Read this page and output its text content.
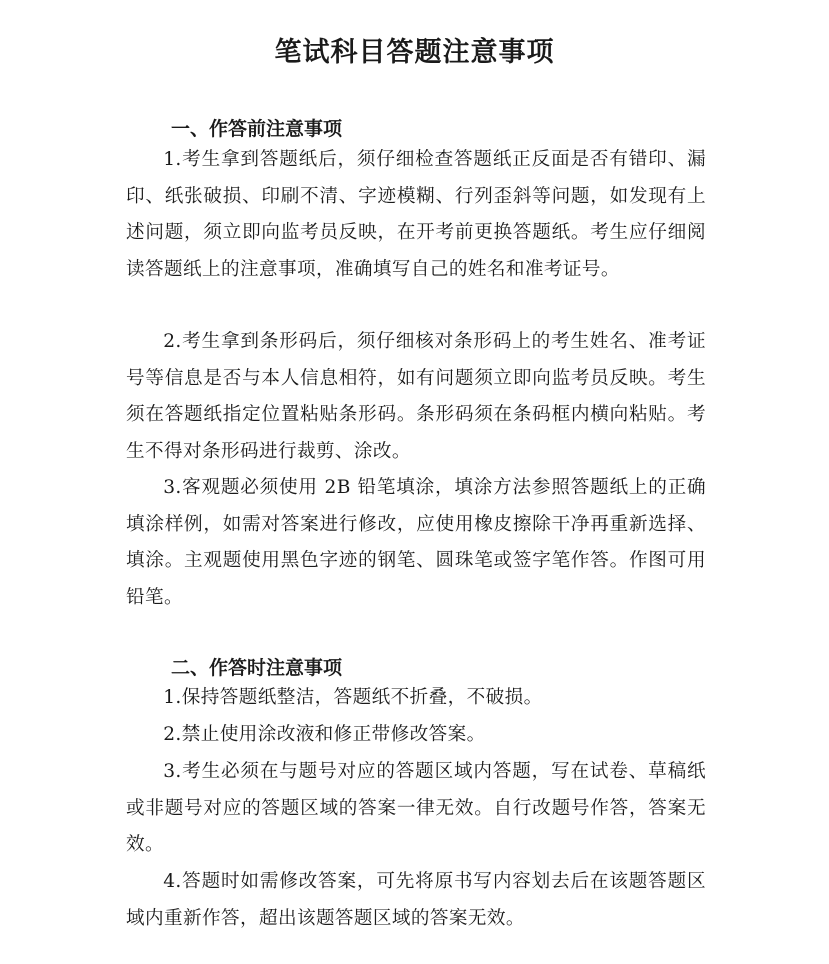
笔试科目答题注意事项
一、作答前注意事项
1.考生拿到答题纸后，须仔细检查答题纸正反面是否有错印、漏印、纸张破损、印刷不清、字迹模糊、行列歪斜等问题，如发现有上述问题，须立即向监考员反映，在开考前更换答题纸。考生应仔细阅读答题纸上的注意事项，准确填写自己的姓名和准考证号。
2.考生拿到条形码后，须仔细核对条形码上的考生姓名、准考证号等信息是否与本人信息相符，如有问题须立即向监考员反映。考生须在答题纸指定位置粘贴条形码。条形码须在条码框内横向粘贴。考生不得对条形码进行裁剪、涂改。
3.客观题必须使用 2B 铅笔填涂，填涂方法参照答题纸上的正确填涂样例，如需对答案进行修改，应使用橡皮擦除干净再重新选择、填涂。主观题使用黑色字迹的钢笔、圆珠笔或签字笔作答。作图可用铅笔。
二、作答时注意事项
1.保持答题纸整洁，答题纸不折叠，不破损。
2.禁止使用涂改液和修正带修改答案。
3.考生必须在与题号对应的答题区域内答题，写在试卷、草稿纸或非题号对应的答题区域的答案一律无效。自行改题号作答，答案无效。
4.答题时如需修改答案，可先将原书写内容划去后在该题答题区域内重新作答，超出该题答题区域的答案无效。
